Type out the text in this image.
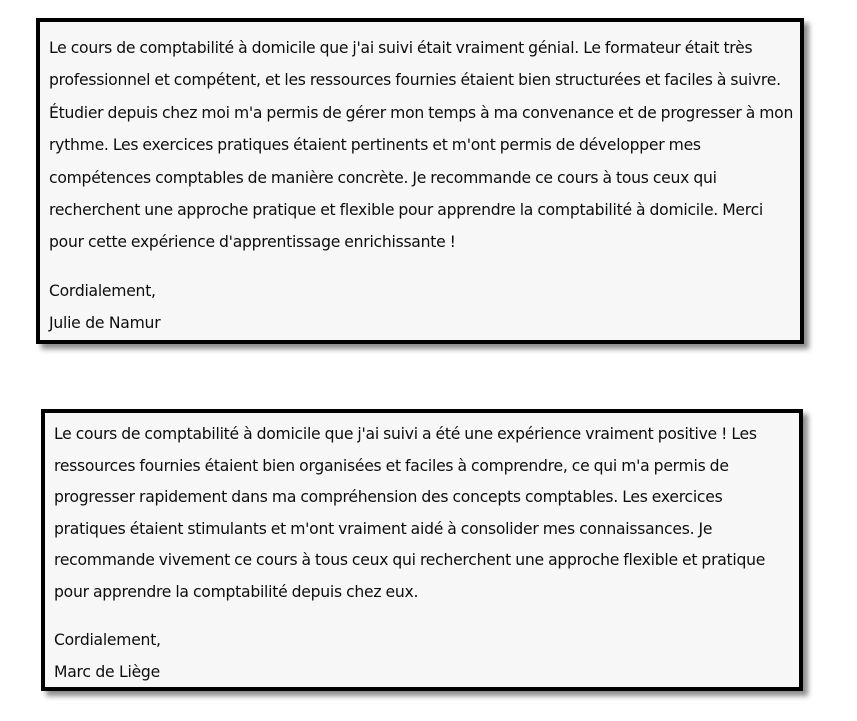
Le cours de comptabilité à domicile que j'ai suivi était vraiment génial. Le formateur était très professionnel et compétent, et les ressources fournies étaient bien structurées et faciles à suivre. Étudier depuis chez moi m'a permis de gérer mon temps à ma convenance et de progresser à mon rythme. Les exercices pratiques étaient pertinents et m'ont permis de développer mes compétences comptables de manière concrète. Je recommande ce cours à tous ceux qui recherchent une approche pratique et flexible pour apprendre la comptabilité à domicile. Merci pour cette expérience d'apprentissage enrichissante !

Cordialement,

Julie de Namur

Le cours de comptabilité à domicile que j'ai suivi a été une expérience vraiment positive ! Les ressources fournies étaient bien organisées et faciles à comprendre, ce qui m'a permis de progresser rapidement dans ma compréhension des concepts comptables. Les exercices pratiques étaient stimulants et m'ont vraiment aidé à consolider mes connaissances. Je recommande vivement ce cours à tous ceux qui recherchent une approche flexible et pratique pour apprendre la comptabilité depuis chez eux.

Cordialement,

Marc de Liège
